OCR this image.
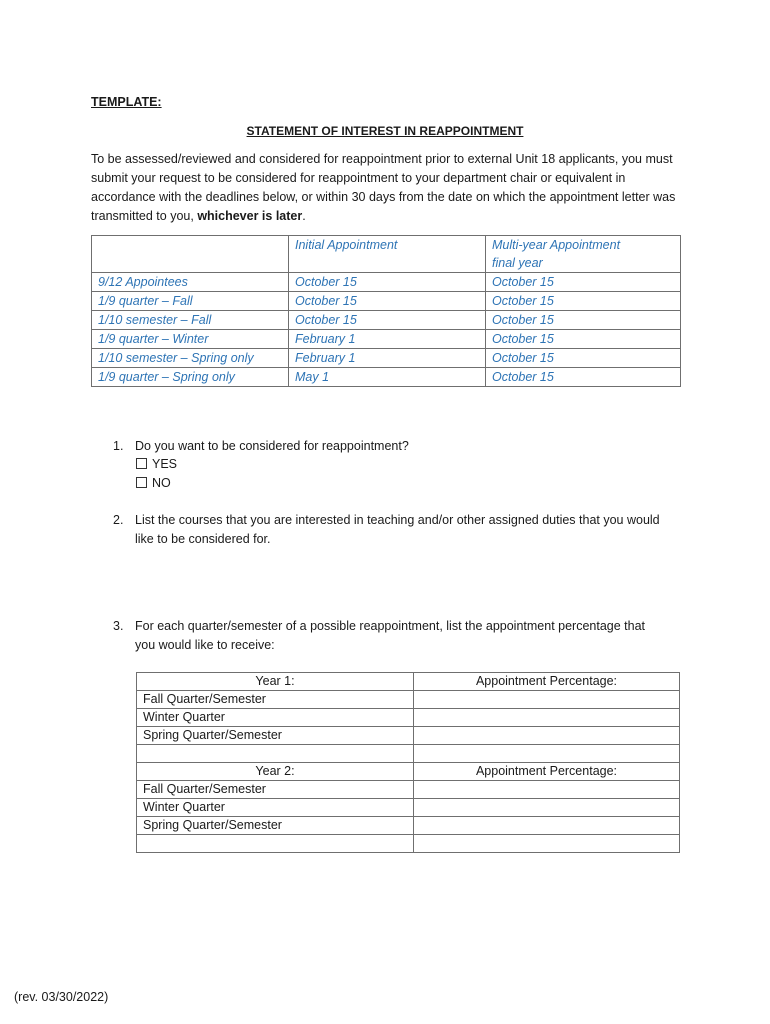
TEMPLATE:
STATEMENT OF INTEREST IN REAPPOINTMENT
To be assessed/reviewed and considered for reappointment prior to external Unit 18 applicants, you must submit your request to be considered for reappointment to your department chair or equivalent in accordance with the deadlines below, or within 30 days from the date on which the appointment letter was transmitted to you, whichever is later.
	Initial Appointment	Multi-year Appointment
final year

9/12 Appointees	October 15	October 15
1/9 quarter – Fall	October 15	October 15
1/10 semester – Fall	October 15	October 15
1/9 quarter – Winter	February 1	October 15
1/10 semester – Spring only	February 1	October 15
1/9 quarter – Spring only	May 1	October 15
1. Do you want to be considered for reappointment?
YES
NO
2. List the courses that you are interested in teaching and/or other assigned duties that you would
like to be considered for.
3. For each quarter/semester of a possible reappointment, list the appointment percentage that
you would like to receive:
Year 1:	Appointment Percentage:
Fall Quarter/Semester	
Winter Quarter	
Spring Quarter/Semester	

Year 2:	Appointment Percentage:
Fall Quarter/Semester	
Winter Quarter	
Spring Quarter/Semester	

(rev. 03/30/2022)
